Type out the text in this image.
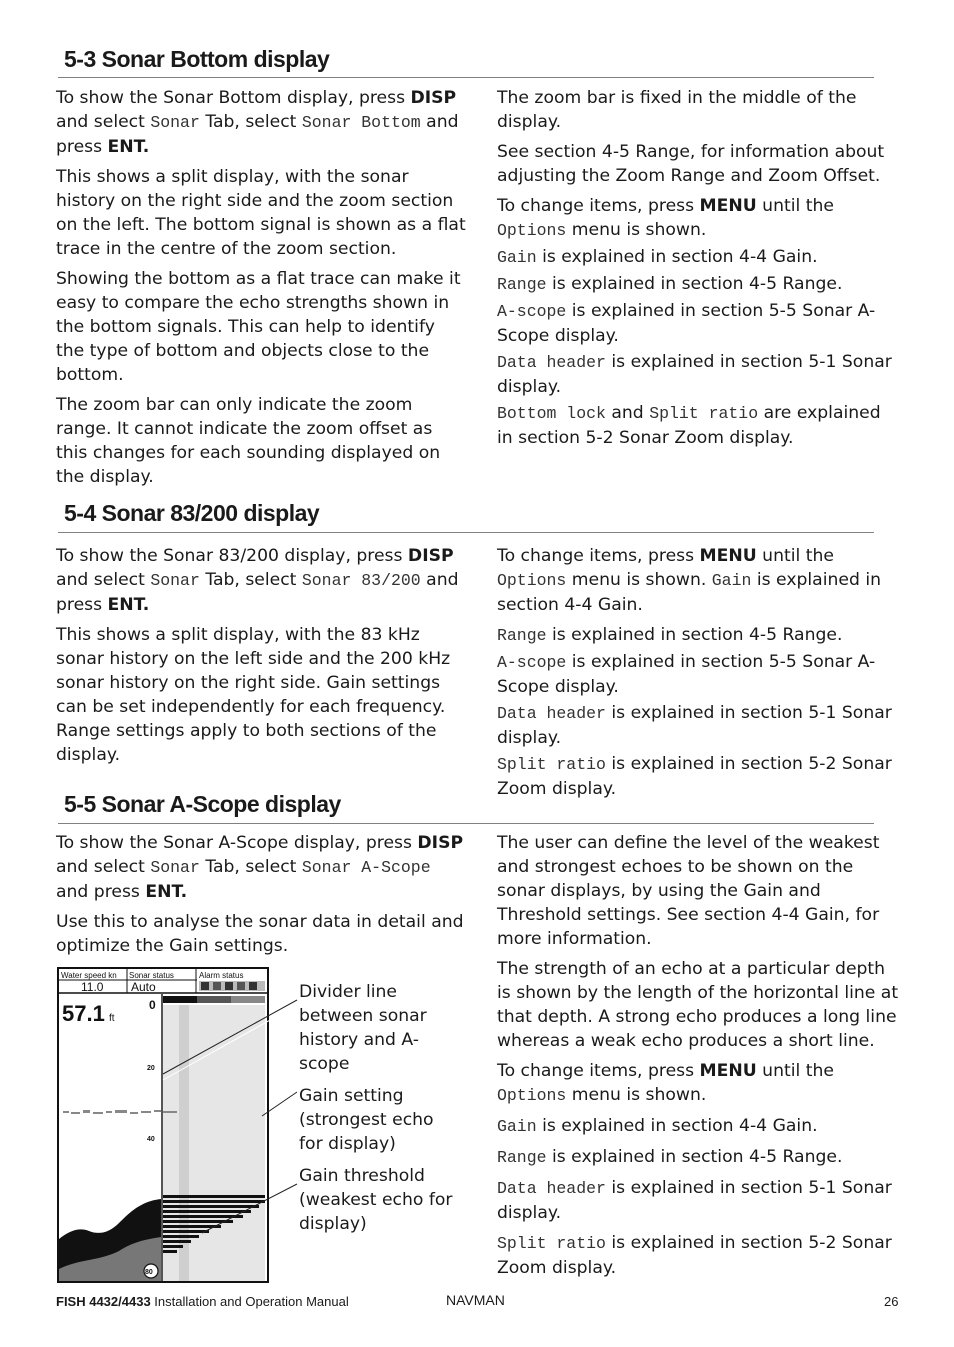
5-3 Sonar Bottom display

To show the Sonar Bottom display, press DISP and select Sonar Tab, select Sonar Bottom and press ENT.

This shows a split display, with the sonar history on the right side and the zoom section on the left. The bottom signal is shown as a flat trace in the centre of the zoom section.

Showing the bottom as a flat trace can make it easy to compare the echo strengths shown in the bottom signals. This can help to identify the type of bottom and objects close to the bottom.

The zoom bar can only indicate the zoom range. It cannot indicate the zoom offset as this changes for each sounding displayed on the display.

The zoom bar is fixed in the middle of the display.

See section 4-5 Range, for information about adjusting the Zoom Range and Zoom Offset.

To change items, press MENU until the Options menu is shown.

Gain is explained in section 4-4 Gain.

Range is explained in section 4-5 Range.

A-scope is explained in section 5-5 Sonar A-Scope display.

Data header is explained in section 5-1 Sonar display.

Bottom lock and Split ratio are explained in section 5-2 Sonar Zoom display.

5-4 Sonar 83/200 display

To show the Sonar 83/200 display, press DISP and select Sonar Tab, select Sonar 83/200 and press ENT.

This shows a split display, with the 83 kHz sonar history on the left side and the 200 kHz sonar history on the right side. Gain settings can be set independently for each frequency. Range settings apply to both sections of the display.

To change items, press MENU until the Options menu is shown. Gain is explained in section 4-4 Gain.

Range is explained in section 4-5 Range.

A-scope is explained in section 5-5 Sonar A-Scope display.

Data header is explained in section 5-1 Sonar display.

Split ratio is explained in section 5-2 Sonar Zoom display.

5-5 Sonar A-Scope display

To show the Sonar A-Scope display, press DISP and select Sonar Tab, select Sonar A-Scope and press ENT.

Use this to analyse the sonar data in detail and optimize the Gain settings.

The user can define the level of the weakest and strongest echoes to be shown on the sonar displays, by using the Gain and Threshold settings. See section 4-4 Gain, for more information.

The strength of an echo at a particular depth is shown by the length of the horizontal line at that depth. A strong echo produces a long line whereas a weak echo produces a short line.

To change items, press MENU until the Options menu is shown.

Gain is explained in section 4-4 Gain.

Range is explained in section 4-5 Range.

Data header is explained in section 5-1 Sonar display.

Split ratio is explained in section 5-2 Sonar Zoom display.

Water speed kn Sonar status	Alarm status
11.0 Auto
57.1 ft
0
20
40
80

Divider line between sonar history and A-scope

Gain setting (strongest echo for display)

Gain threshold (weakest echo for display)

FISH 4432/4433 Installation and Operation Manual	NAVMAN	26
